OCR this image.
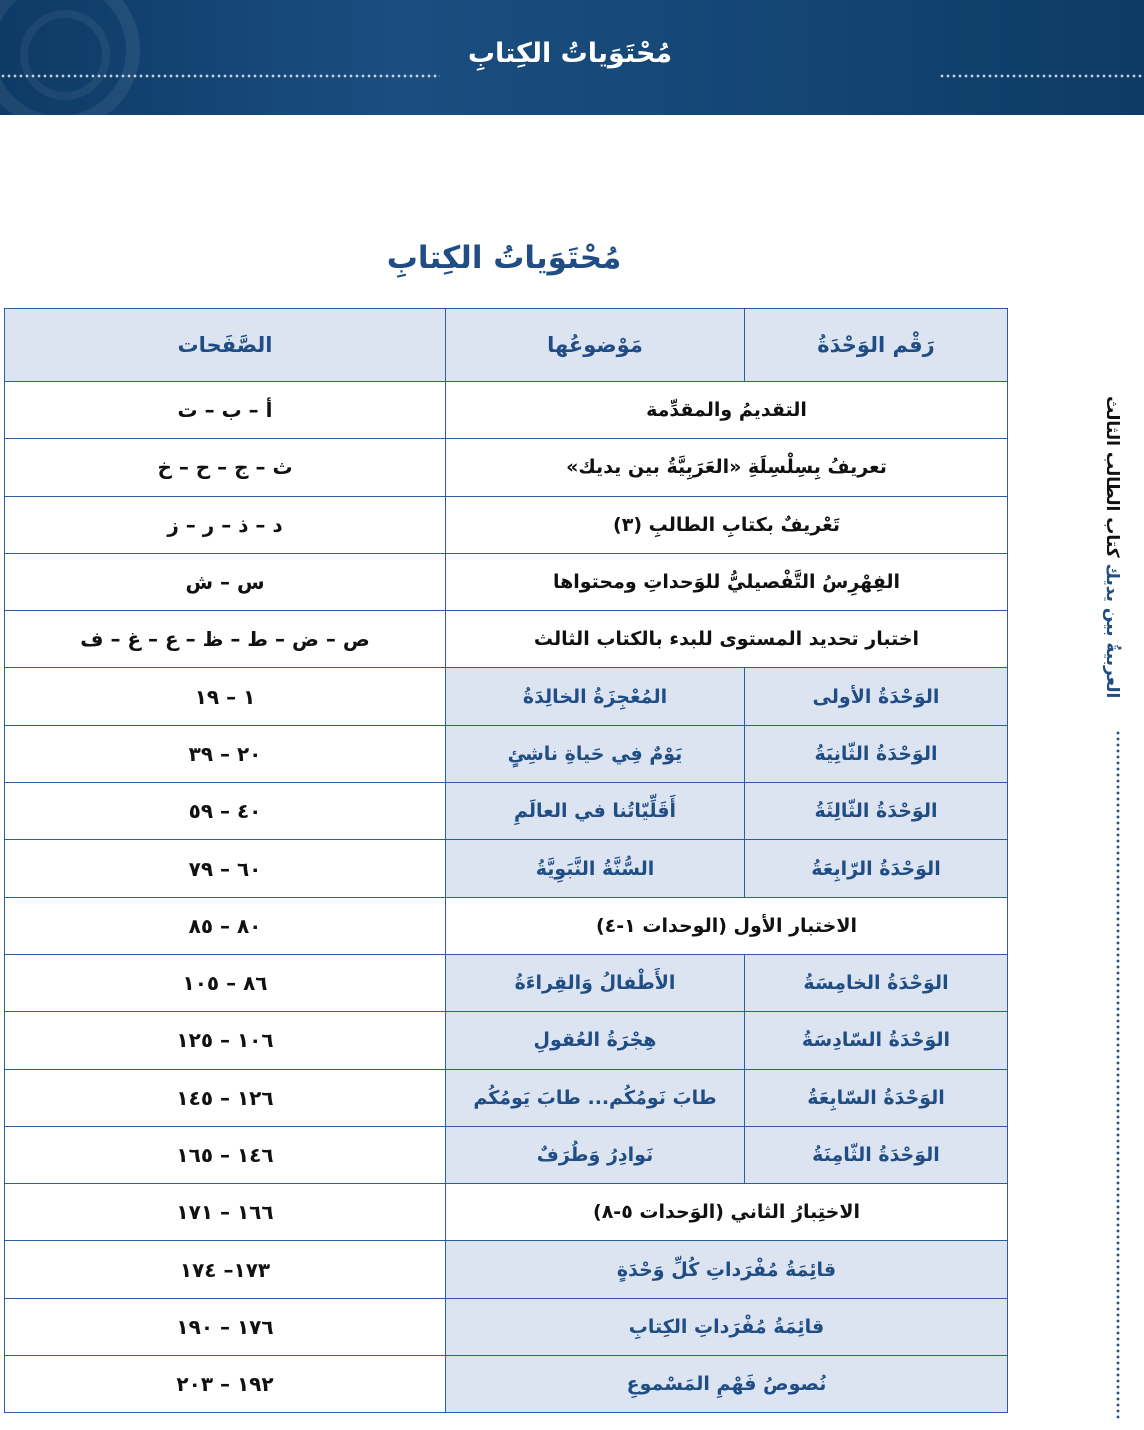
مُحْتَوَياتُ الكِتابِ
مُحْتَوَياتُ الكِتابِ
العربيةُ بين يديك كتاب الطالب الثالث
رَقْم الوَحْدَةُ	مَوْضوعُها	الصَّفَحات
التقديمُ والمقدِّمة		أ – ب – ت
تعريفُ بِسِلْسِلَةِ «العَرَبِيَّةُ بين يديك»		ث – ج – ح – خ
تَعْريفٌ بكتابِ الطالبِ (٣)		د – ذ – ر – ز
الفِهْرِسُ التَّفْصيليُّ للوَحداتِ ومحتواها		س – ش
اختبار تحديد المستوى للبدء بالكتاب الثالث		ص – ض – ط – ظ – ع – غ – ف
الوَحْدَةُ الأولى	المُعْجِزَةُ الخالِدَةُ	١ – ١٩
الوَحْدَةُ الثّانِيَةُ	يَوْمٌ فِي حَياةِ ناشِئٍ	٢٠ – ٣٩
الوَحْدَةُ الثّالِثَةُ	أَقَلِّيّاتُنا في العالَمِ	٤٠ – ٥٩
الوَحْدَةُ الرّابِعَةُ	السُّنَّةُ النَّبَوِيَّةُ	٦٠ – ٧٩
الاختبار الأول (الوحدات ١-٤)		٨٠ – ٨٥
الوَحْدَةُ الخامِسَةُ	الأَطْفالُ وَالقِراءَةُ	٨٦ – ١٠٥
الوَحْدَةُ السّادِسَةُ	هِجْرَةُ العُقولِ	١٠٦ – ١٢٥
الوَحْدَةُ السّابِعَةُ	طابَ نَومُكُم... طابَ يَومُكُم	١٢٦ – ١٤٥
الوَحْدَةُ الثّامِنَةُ	نَوادِرُ وَطُرَفٌ	١٤٦ – ١٦٥
الاختِبارُ الثاني (الوَحدات ٥-٨)		١٦٦ – ١٧١
قائِمَةُ مُفْرَداتِ كُلِّ وَحْدَةٍ		١٧٣– ١٧٤
قائِمَةُ مُفْرَداتِ الكِتابِ		١٧٦ – ١٩٠
نُصوصُ فَهْمِ المَسْموعِ		١٩٢ – ٢٠٣
